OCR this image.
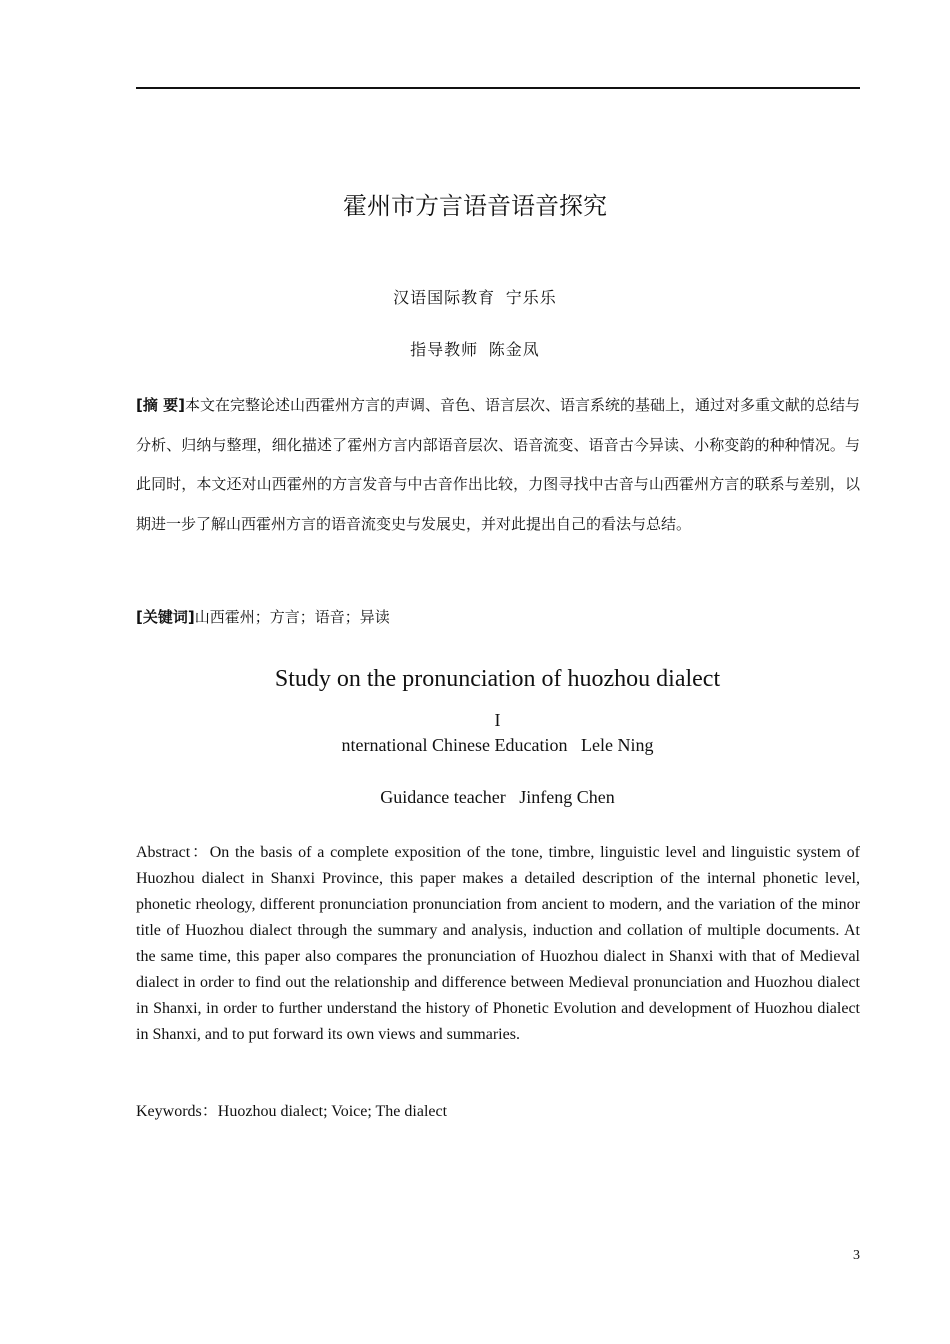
霍州市方言语音语音探究
汉语国际教育 宁乐乐
指导教师 陈金凤
[摘 要]本文在完整论述山西霍州方言的声调、音色、语言层次、语言系统的基础上，通过对多重文献的总结与分析、归纳与整理，细化描述了霍州方言内部语音层次、语音流变、语音古今异读、小称变韵的种种情况。与此同时，本文还对山西霍州的方言发音与中古音作出比较，力图寻找中古音与山西霍州方言的联系与差别，以期进一步了解山西霍州方言的语音流变史与发展史，并对此提出自己的看法与总结。
[关键词]山西霍州；方言；语音；异读
Study on the pronunciation of huozhou dialect
I
nternational Chinese Education   Lele Ning
Guidance teacher   Jinfeng Chen
Abstract：On the basis of a complete exposition of the tone, timbre, linguistic level and linguistic system of Huozhou dialect in Shanxi Province, this paper makes a detailed description of the internal phonetic level, phonetic rheology, different pronunciation pronunciation from ancient to modern, and the variation of the minor title of Huozhou dialect through the summary and analysis, induction and collation of multiple documents. At the same time, this paper also compares the pronunciation of Huozhou dialect in Shanxi with that of Medieval dialect in order to find out the relationship and difference between Medieval pronunciation and Huozhou dialect in Shanxi, in order to further understand the history of Phonetic Evolution and development of Huozhou dialect in Shanxi, and to put forward its own views and summaries.
Keywords：Huozhou dialect; Voice; The dialect
3
